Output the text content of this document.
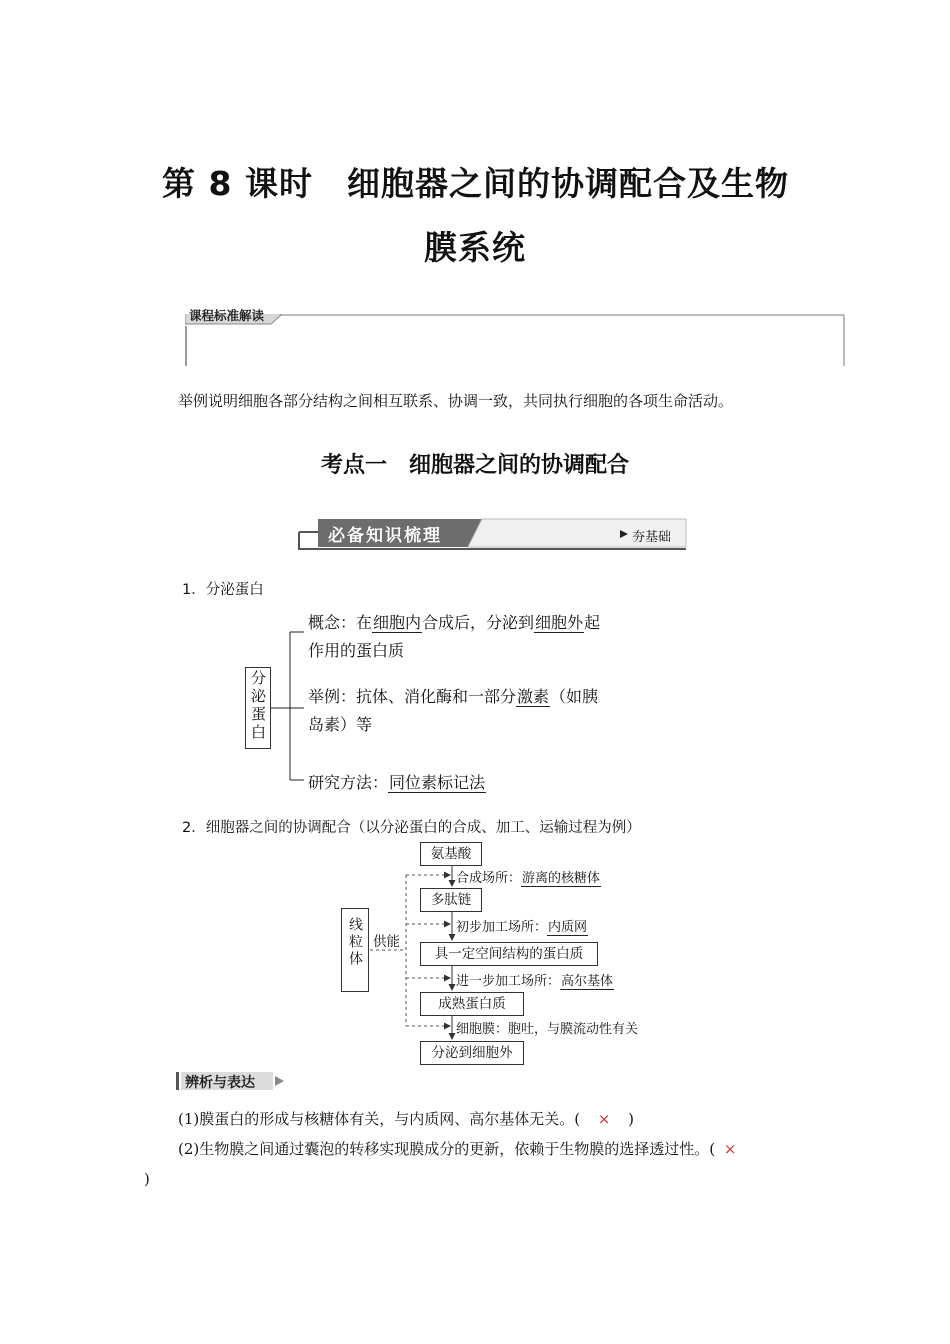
第 8 课时　细胞器之间的协调配合及生物
膜系统
课程标准解读
举例说明细胞各部分结构之间相互联系、协调一致，共同执行细胞的各项生命活动。
考点一　细胞器之间的协调配合
必备知识梳理	夯基础
1．分泌蛋白
分泌蛋白
概念：在细胞内合成后，分泌到细胞外起
作用的蛋白质
举例：抗体、消化酶和一部分激素（如胰
岛素）等
研究方法：同位素标记法
2．细胞器之间的协调配合（以分泌蛋白的合成、加工、运输过程为例）
线粒体 供能
氨基酸
合成场所：游离的核糖体
多肽链
初步加工场所：内质网
具一定空间结构的蛋白质
进一步加工场所：高尔基体
成熟蛋白质
细胞膜：胞吐，与膜流动性有关
分泌到细胞外
辨析与表达
(1)膜蛋白的形成与核糖体有关，与内质网、高尔基体无关。( × )
(2)生物膜之间通过囊泡的转移实现膜成分的更新，依赖于生物膜的选择透过性。( ×
)
